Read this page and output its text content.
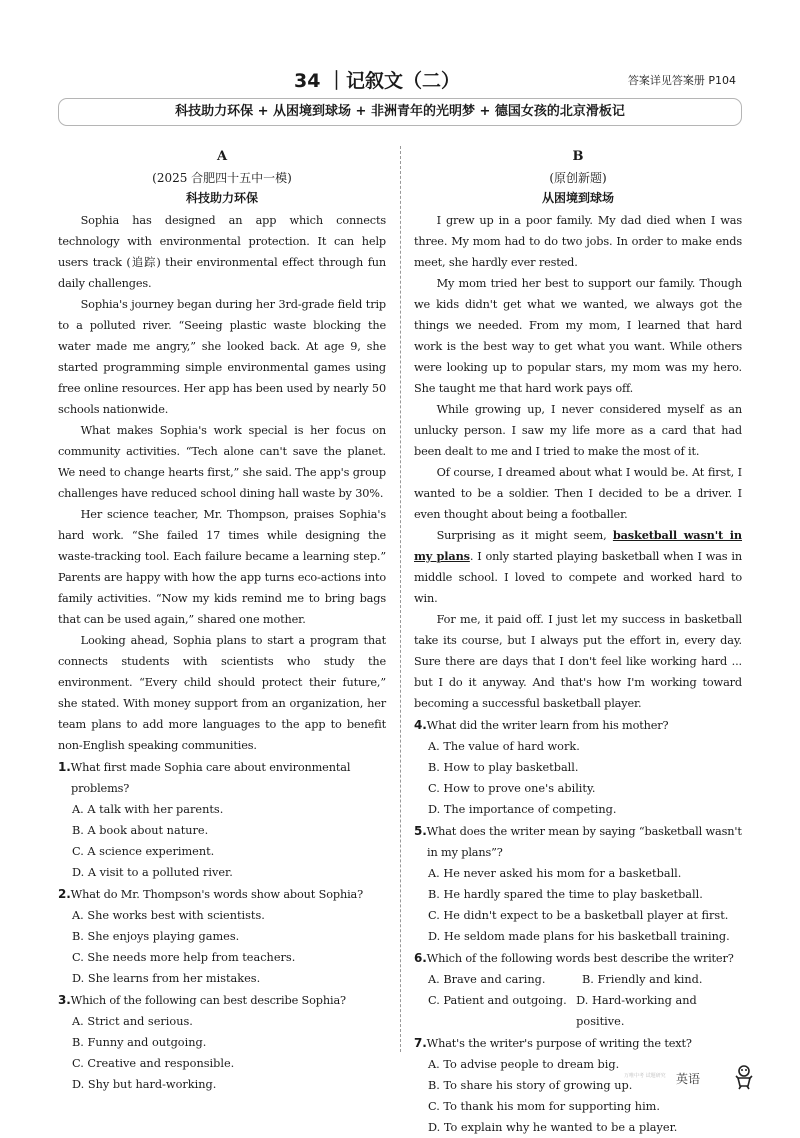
34 ｜记叙文（二）	答案详见答案册 P104
科技助力环保 + 从困境到球场 + 非洲青年的光明梦 + 德国女孩的北京滑板记
A
(2025 合肥四十五中一模)
科技助力环保

Sophia has designed an app which connects technology with environmental protection. It can help users track (追踪) their environmental effect through fun daily challenges.

Sophia's journey began during her 3rd-grade field trip to a polluted river. “Seeing plastic waste blocking the water made me angry,” she looked back. At age 9, she started programming simple environmental games using free online resources. Her app has been used by nearly 50 schools nationwide.

What makes Sophia's work special is her focus on community activities. “Tech alone can't save the planet. We need to change hearts first,” she said. The app's group challenges have reduced school dining hall waste by 30%.

Her science teacher, Mr. Thompson, praises Sophia's hard work. “She failed 17 times while designing the waste-tracking tool. Each failure became a learning step.” Parents are happy with how the app turns eco-actions into family activities. “Now my kids remind me to bring bags that can be used again,” shared one mother.

Looking ahead, Sophia plans to start a program that connects students with scientists who study the environment. “Every child should protect their future,” she stated. With money support from an organization, her team plans to add more languages to the app to benefit non-English speaking communities.

1.What first made Sophia care about environmental problems?
A. A talk with her parents.
B. A book about nature.
C. A science experiment.
D. A visit to a polluted river.
2.What do Mr. Thompson's words show about Sophia?
A. She works best with scientists.
B. She enjoys playing games.
C. She needs more help from teachers.
D. She learns from her mistakes.
3.Which of the following can best describe Sophia?
A. Strict and serious.
B. Funny and outgoing.
C. Creative and responsible.
D. Shy but hard-working.
B
(原创新题)
从困境到球场

I grew up in a poor family. My dad died when I was three. My mom had to do two jobs. In order to make ends meet, she hardly ever rested.

My mom tried her best to support our family. Though we kids didn't get what we wanted, we always got the things we needed. From my mom, I learned that hard work is the best way to get what you want. While others were looking up to popular stars, my mom was my hero. She taught me that hard work pays off.

While growing up, I never considered myself as an unlucky person. I saw my life more as a card that had been dealt to me and I tried to make the most of it.

Of course, I dreamed about what I would be. At first, I wanted to be a soldier. Then I decided to be a driver. I even thought about being a footballer.

Surprising as it might seem, basketball wasn't in my plans. I only started playing basketball when I was in middle school. I loved to compete and worked hard to win.

For me, it paid off. I just let my success in basketball take its course, but I always put the effort in, every day. Sure there are days that I don't feel like working hard ... but I do it anyway. And that's how I'm working toward becoming a successful basketball player.

4.What did the writer learn from his mother?
A. The value of hard work.
B. How to play basketball.
C. How to prove one's ability.
D. The importance of competing.
5.What does the writer mean by saying “basketball wasn't in my plans”?
A. He never asked his mom for a basketball.
B. He hardly spared the time to play basketball.
C. He didn't expect to be a basketball player at first.
D. He seldom made plans for his basketball training.
6.Which of the following words best describe the writer?
A. Brave and caring.	B. Friendly and kind.
C. Patient and outgoing. D. Hard-working and positive.
7.What's the writer's purpose of writing the text?
A. To advise people to dream big.
B. To share his story of growing up.
C. To thank his mom for supporting him.
D. To explain why he wanted to be a player.
万唯中考 试题研究 英语
